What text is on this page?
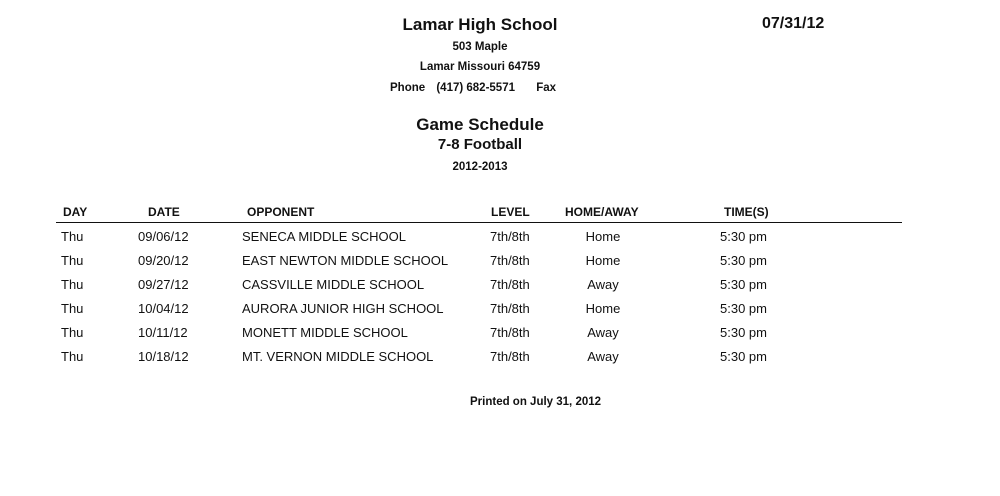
Lamar High School	07/31/12
503 Maple
Lamar Missouri 64759
Phone (417) 682-5571 Fax
Game Schedule
7-8 Football
2012-2013
DAY	DATE	OPPONENT	LEVEL	HOME/AWAY	TIME(S)
Thu	09/06/12	SENECA MIDDLE SCHOOL	7th/8th	Home	5:30 pm
Thu	09/20/12	EAST NEWTON MIDDLE SCHOOL	7th/8th	Home	5:30 pm
Thu	09/27/12	CASSVILLE MIDDLE SCHOOL	7th/8th	Away	5:30 pm
Thu	10/04/12	AURORA JUNIOR HIGH SCHOOL	7th/8th	Home	5:30 pm
Thu	10/11/12	MONETT MIDDLE SCHOOL	7th/8th	Away	5:30 pm
Thu	10/18/12	MT. VERNON MIDDLE SCHOOL	7th/8th	Away	5:30 pm
Printed on July 31, 2012
